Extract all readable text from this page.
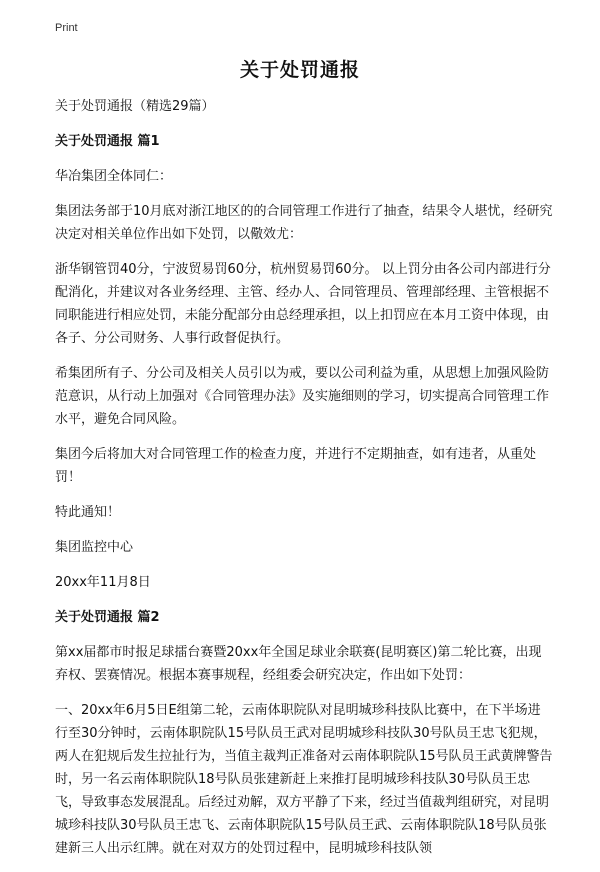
Print
关于处罚通报

关于处罚通报（精选29篇）

关于处罚通报 篇1

华冶集团全体同仁：

集团法务部于10月底对浙江地区的的合同管理工作进行了抽查，结果令人堪忧，经研究决定对相关单位作出如下处罚，以儆效尤：

浙华钢管罚40分，宁波贸易罚60分，杭州贸易罚60分。 以上罚分由各公司内部进行分配消化，并建议对各业务经理、主管、经办人、合同管理员、管理部经理、主管根据不同职能进行相应处罚，未能分配部分由总经理承担，以上扣罚应在本月工资中体现，由各子、分公司财务、人事行政督促执行。

希集团所有子、分公司及相关人员引以为戒，要以公司利益为重，从思想上加强风险防范意识，从行动上加强对《合同管理办法》及实施细则的学习，切实提高合同管理工作水平，避免合同风险。

集团今后将加大对合同管理工作的检查力度，并进行不定期抽查，如有违者，从重处罚！

特此通知！

集团监控中心

20xx年11月8日

关于处罚通报 篇2

第xx届都市时报足球擂台赛暨20xx年全国足球业余联赛(昆明赛区)第二轮比赛，出现弃权、罢赛情况。根据本赛事规程，经组委会研究决定，作出如下处罚：

一、20xx年6月5日E组第二轮，云南体职院队对昆明城珍科技队比赛中，在下半场进行至30分钟时，云南体职院队15号队员王武对昆明城珍科技队30号队员王忠飞犯规，两人在犯规后发生拉扯行为，当值主裁判正准备对云南体职院队15号队员王武黄牌警告时，另一名云南体职院队18号队员张建新赶上来推打昆明城珍科技队30号队员王忠飞，导致事态发展混乱。后经过劝解，双方平静了下来，经过当值裁判组研究，对昆明城珍科技队30号队员王忠飞、云南体职院队15号队员王武、云南体职院队18号队员张建新三人出示红牌。就在对双方的处罚过程中，昆明城珍科技队领
